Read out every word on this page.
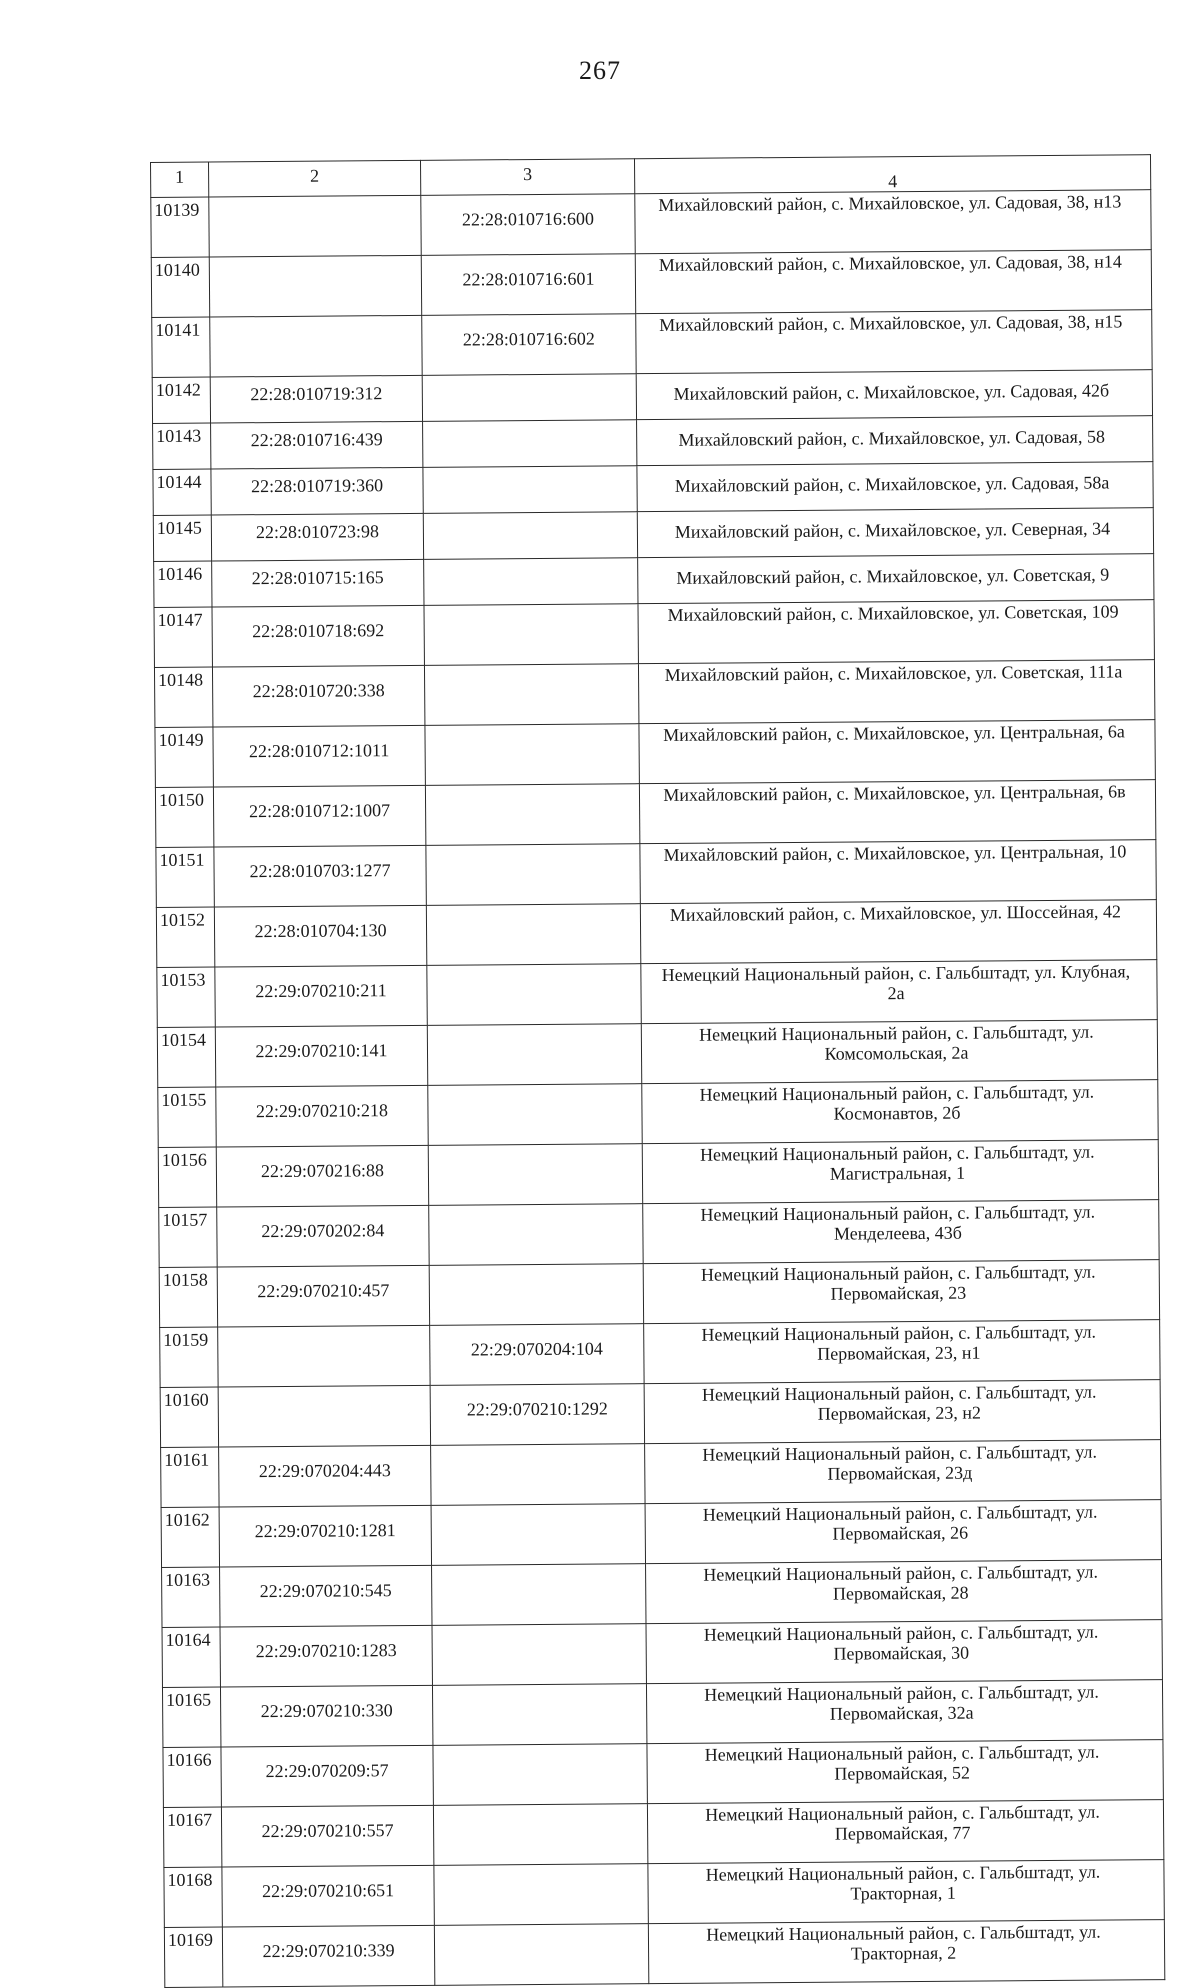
267
1	2	3	4
10139		22:28:010716:600	Михайловский район, с. Михайловское, ул. Садовая, 38, н13
10140		22:28:010716:601	Михайловский район, с. Михайловское, ул. Садовая, 38, н14
10141		22:28:010716:602	Михайловский район, с. Михайловское, ул. Садовая, 38, н15
10142	22:28:010719:312		Михайловский район, с. Михайловское, ул. Садовая, 42б
10143	22:28:010716:439		Михайловский район, с. Михайловское, ул. Садовая, 58
10144	22:28:010719:360		Михайловский район, с. Михайловское, ул. Садовая, 58а
10145	22:28:010723:98		Михайловский район, с. Михайловское, ул. Северная, 34
10146	22:28:010715:165		Михайловский район, с. Михайловское, ул. Советская, 9
10147	22:28:010718:692		Михайловский район, с. Михайловское, ул. Советская, 109
10148	22:28:010720:338		Михайловский район, с. Михайловское, ул. Советская, 111а
10149	22:28:010712:1011		Михайловский район, с. Михайловское, ул. Центральная, 6а
10150	22:28:010712:1007		Михайловский район, с. Михайловское, ул. Центральная, 6в
10151	22:28:010703:1277		Михайловский район, с. Михайловское, ул. Центральная, 10
10152	22:28:010704:130		Михайловский район, с. Михайловское, ул. Шоссейная, 42
10153	22:29:070210:211		Немецкий Национальный район, с. Гальбштадт, ул. Клубная, 2а
10154	22:29:070210:141		Немецкий Национальный район, с. Гальбштадт, ул. Комсомольская, 2а
10155	22:29:070210:218		Немецкий Национальный район, с. Гальбштадт, ул. Космонавтов, 2б
10156	22:29:070216:88		Немецкий Национальный район, с. Гальбштадт, ул. Магистральная, 1
10157	22:29:070202:84		Немецкий Национальный район, с. Гальбштадт, ул. Менделеева, 43б
10158	22:29:070210:457		Немецкий Национальный район, с. Гальбштадт, ул. Первомайская, 23
10159		22:29:070204:104	Немецкий Национальный район, с. Гальбштадт, ул. Первомайская, 23, н1
10160		22:29:070210:1292	Немецкий Национальный район, с. Гальбштадт, ул. Первомайская, 23, н2
10161	22:29:070204:443		Немецкий Национальный район, с. Гальбштадт, ул. Первомайская, 23д
10162	22:29:070210:1281		Немецкий Национальный район, с. Гальбштадт, ул. Первомайская, 26
10163	22:29:070210:545		Немецкий Национальный район, с. Гальбштадт, ул. Первомайская, 28
10164	22:29:070210:1283		Немецкий Национальный район, с. Гальбштадт, ул. Первомайская, 30
10165	22:29:070210:330		Немецкий Национальный район, с. Гальбштадт, ул. Первомайская, 32а
10166	22:29:070209:57		Немецкий Национальный район, с. Гальбштадт, ул. Первомайская, 52
10167	22:29:070210:557		Немецкий Национальный район, с. Гальбштадт, ул. Первомайская, 77
10168	22:29:070210:651		Немецкий Национальный район, с. Гальбштадт, ул. Тракторная, 1
10169	22:29:070210:339		Немецкий Национальный район, с. Гальбштадт, ул. Тракторная, 2
